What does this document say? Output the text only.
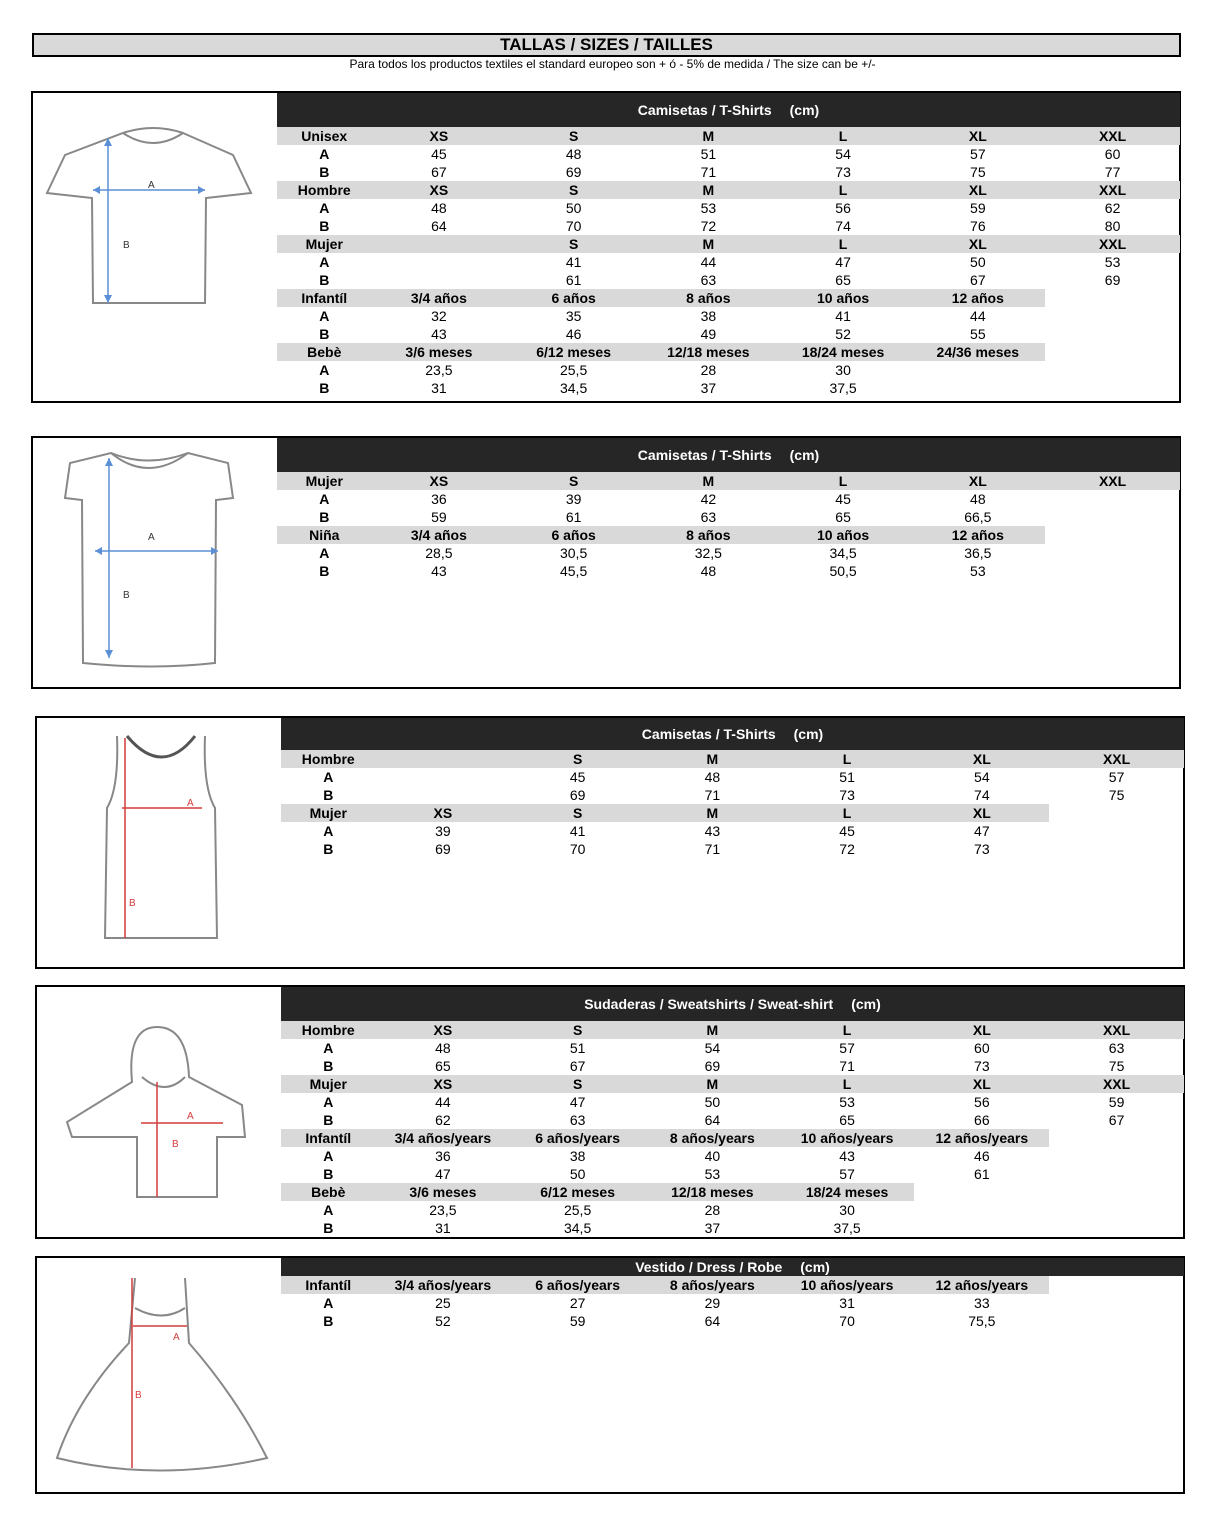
TALLAS / SIZES / TAILLES
Para todos los productos textiles el standard europeo son + ó - 5% de medida / The size can be +/-
A
B
Camisetas / T-Shirts (cm)						
Unisex	XS	S	M	L	XL	XXL
A	45	48	51	54	57	60
B	67	69	71	73	75	77
Hombre	XS	S	M	L	XL	XXL
A	48	50	53	56	59	62
B	64	70	72	74	76	80
Mujer		S	M	L	XL	XXL
A		41	44	47	50	53
B		61	63	65	67	69
Infantíl	3/4 años	6 años	8 años	10 años	12 años	
A	32	35	38	41	44	
B	43	46	49	52	55	
Bebè	3/6 meses	6/12 meses	12/18 meses	18/24 meses	24/36 meses	
A	23,5	25,5	28	30		
B	31	34,5	37	37,5		
A
B
Camisetas / T-Shirts (cm)						
Mujer	XS	S	M	L	XL	XXL
A	36	39	42	45	48	
B	59	61	63	65	66,5	
Niña	3/4 años	6 años	8 años	10 años	12 años	
A	28,5	30,5	32,5	34,5	36,5	
B	43	45,5	48	50,5	53	
A
B
Camisetas / T-Shirts (cm)						
Hombre		S	M	L	XL	XXL
A		45	48	51	54	57
B		69	71	73	74	75
Mujer	XS	S	M	L	XL	
A	39	41	43	45	47	
B	69	70	71	72	73	
A
B
Sudaderas / Sweatshirts / Sweat-shirt (cm)						
Hombre	XS	S	M	L	XL	XXL
A	48	51	54	57	60	63
B	65	67	69	71	73	75
Mujer	XS	S	M	L	XL	XXL
A	44	47	50	53	56	59
B	62	63	64	65	66	67
Infantíl	3/4 años/years	6 años/years	8 años/years	10 años/years	12 años/years	
A	36	38	40	43	46	
B	47	50	53	57	61	
Bebè	3/6 meses	6/12 meses	12/18 meses	18/24 meses		
A	23,5	25,5	28	30		
B	31	34,5	37	37,5		
A
B
Vestido / Dress / Robe (cm)						
Infantíl	3/4 años/years	6 años/years	8 años/years	10 años/years	12 años/years	
A	25	27	29	31	33	
B	52	59	64	70	75,5	
